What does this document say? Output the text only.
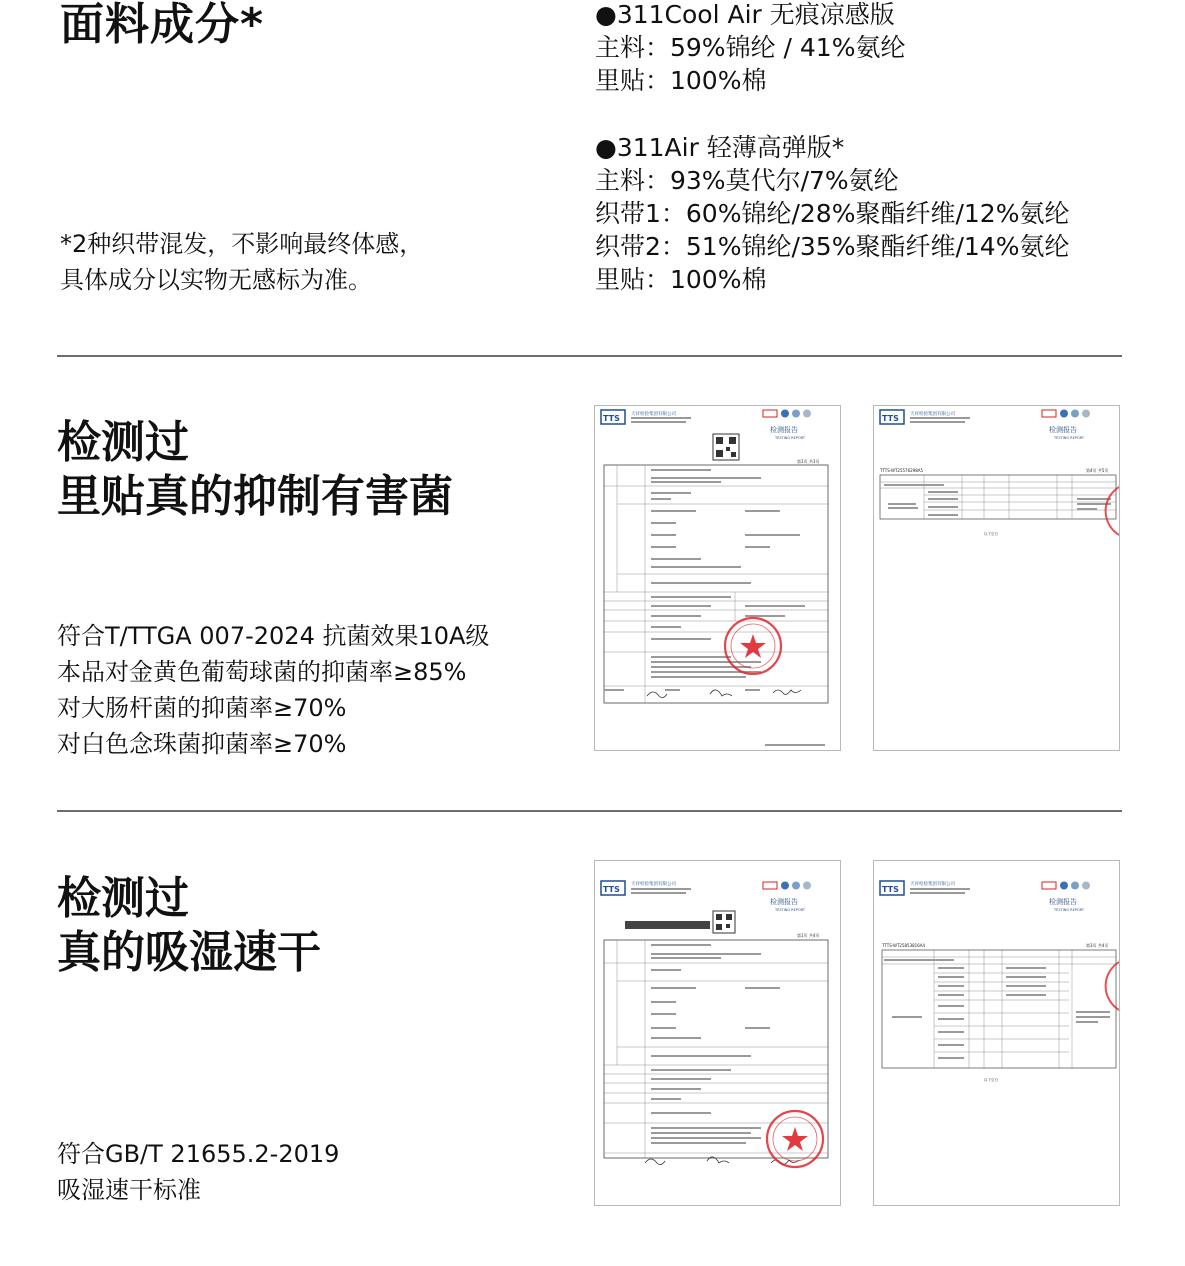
面料成分*
*2种织带混发，不影响最终体感，
具体成分以实物无感标为准。
●311Cool Air 无痕凉感版
主料：59%锦纶 / 41%氨纶
里贴：100%棉
●311Air 轻薄高弹版*
主料：93%莫代尔/7%氨纶
织带1：60%锦纶/28%聚酯纤维/12%氨纶
织带2：51%锦纶/35%聚酯纤维/14%氨纶
里贴：100%棉
检测过
里贴真的抑制有害菌
符合T/TTGA 007-2024 抗菌效果10A级
本品对金黄色葡萄球菌的抑菌率≥85%
对大肠杆菌的抑菌率≥70%
对白色念珠菌抑菌率≥70%
TTS 天祥检验集团有限公司
检测报告
TESTING REPORT
第1页 共3页
TTS 天祥检验集团有限公司
检测报告
TESTING REPORT
TTTS-WT25576298A5	第4页 共5页
以下空白
检测过
真的吸湿速干
符合GB/T 21655.2-2019
吸湿速干标准
TTS
天祥检验集团有限公司
检测报告
TESTING REPORT
第1页 共4页
TTS
天祥检验集团有限公司
检测报告
TESTING REPORT
TTTS-WT25853816A4	第3页 共4页
以下空白
